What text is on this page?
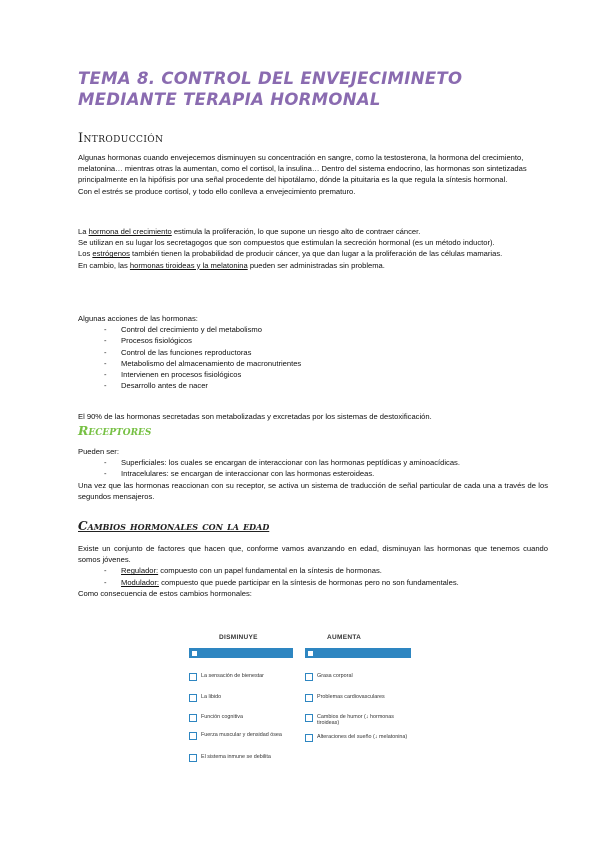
TEMA 8. CONTROL DEL ENVEJECIMINETO MEDIANTE TERAPIA HORMONAL
Introducción

Algunas hormonas cuando envejecemos disminuyen su concentración en sangre, como la testosterona, la hormona del crecimiento, melatonina… mientras otras la aumentan, como el cortisol, la insulina… Dentro del sistema endocrino, las hormonas son sintetizadas principalmente en la hipófisis por una señal procedente del hipotálamo, dónde la pituitaria es la que regula la síntesis hormonal.

Con el estrés se produce cortisol, y todo ello conlleva a envejecimiento prematuro.

La hormona del crecimiento estimula la proliferación, lo que supone un riesgo alto de contraer cáncer.

Se utilizan en su lugar los secretagogos que son compuestos que estimulan la secreción hormonal (es un método inductor).

Los estrógenos también tienen la probabilidad de producir cáncer, ya que dan lugar a la proliferación de las células mamarias.

En cambio, las hormonas tiroideas y la melatonina pueden ser administradas sin problema.

Algunas acciones de las hormonas:

- Control del crecimiento y del metabolismo
- Procesos fisiológicos
- Control de las funciones reproductoras
- Metabolismo del almacenamiento de macronutrientes
- Intervienen en procesos fisiológicos
- Desarrollo antes de nacer
El 90% de las hormonas secretadas son metabolizadas y excretadas por los sistemas de destoxificación.
Receptores

Pueden ser:

- Superficiales: los cuales se encargan de interaccionar con las hormonas peptídicas y aminoacídicas.
- Intracelulares: se encargan de interaccionar con las hormonas esteroideas.

Una vez que las hormonas reaccionan con su receptor, se activa un sistema de traducción de señal particular de cada una a través de los segundos mensajeros.

Cambios hormonales con la edad

Existe un conjunto de factores que hacen que, conforme vamos avanzando en edad, disminuyan las hormonas que tenemos cuando somos jóvenes.

- Regulador: compuesto con un papel fundamental en la síntesis de hormonas.
- Modulador: compuesto que puede participar en la síntesis de hormonas pero no son fundamentales.

Como consecuencia de estos cambios hormonales:

DISMINUYE	AUMENTA
La sensación de bienestar
La libido
Función cognitiva
Fuerza muscular y densidad ósea
El sistema inmune se debilita
Grasa corporal
Problemas cardiovasculares
Cambios de humor (↓ hormonas tiroideas)
Alteraciones del sueño (↓ melatonina)
